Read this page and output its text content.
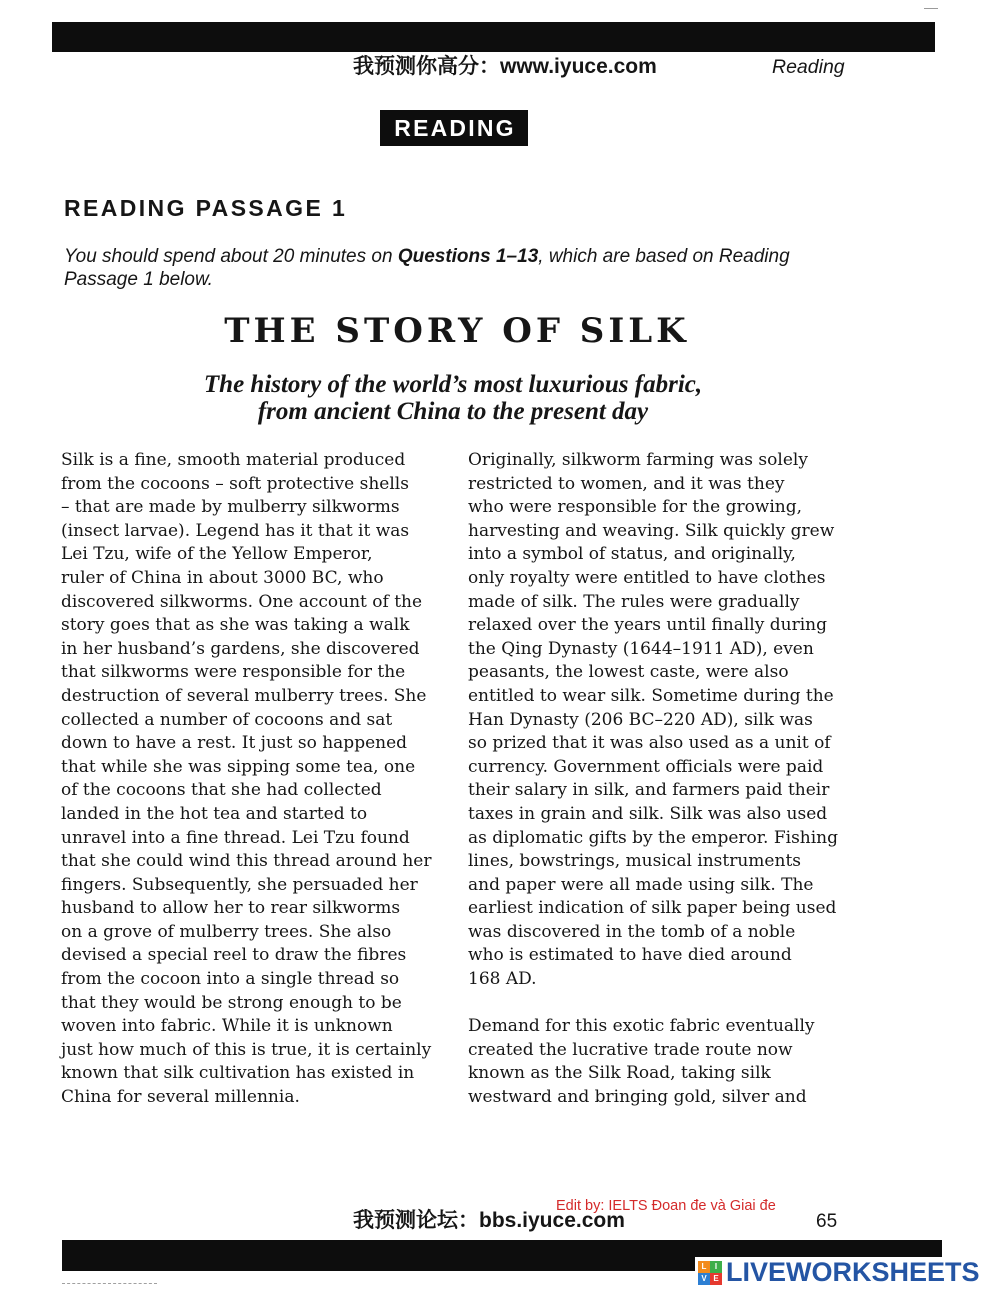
我预测你高分：www.iyuce.com	Reading
READING
READING PASSAGE 1
You should spend about 20 minutes on Questions 1–13, which are based on Reading
Passage 1 below.
THE STORY OF SILK
The history of the world’s most luxurious fabric,
from ancient China to the present day
Silk is a fine, smooth material produced
from the cocoons – soft protective shells
– that are made by mulberry silkworms
(insect larvae). Legend has it that it was
Lei Tzu, wife of the Yellow Emperor,
ruler of China in about 3000 BC, who
discovered silkworms. One account of the
story goes that as she was taking a walk
in her husband’s gardens, she discovered
that silkworms were responsible for the
destruction of several mulberry trees. She
collected a number of cocoons and sat
down to have a rest. It just so happened
that while she was sipping some tea, one
of the cocoons that she had collected
landed in the hot tea and started to
unravel into a fine thread. Lei Tzu found
that she could wind this thread around her
fingers. Subsequently, she persuaded her
husband to allow her to rear silkworms
on a grove of mulberry trees. She also
devised a special reel to draw the fibres
from the cocoon into a single thread so
that they would be strong enough to be
woven into fabric. While it is unknown
just how much of this is true, it is certainly
known that silk cultivation has existed in
China for several millennia.
Originally, silkworm farming was solely
restricted to women, and it was they
who were responsible for the growing,
harvesting and weaving. Silk quickly grew
into a symbol of status, and originally,
only royalty were entitled to have clothes
made of silk. The rules were gradually
relaxed over the years until finally during
the Qing Dynasty (1644–1911 AD), even
peasants, the lowest caste, were also
entitled to wear silk. Sometime during the
Han Dynasty (206 BC–220 AD), silk was
so prized that it was also used as a unit of
currency. Government officials were paid
their salary in silk, and farmers paid their
taxes in grain and silk. Silk was also used
as diplomatic gifts by the emperor. Fishing
lines, bowstrings, musical instruments
and paper were all made using silk. The
earliest indication of silk paper being used
was discovered in the tomb of a noble
who is estimated to have died around
168 AD.
Demand for this exotic fabric eventually
created the lucrative trade route now
known as the Silk Road, taking silk
westward and bringing gold, silver and
我预测论坛：bbs.iyuce.com
Edit by: IELTS Đoan đe và Giai đe
65
L	I
V E LIVEWORKSHEETS
